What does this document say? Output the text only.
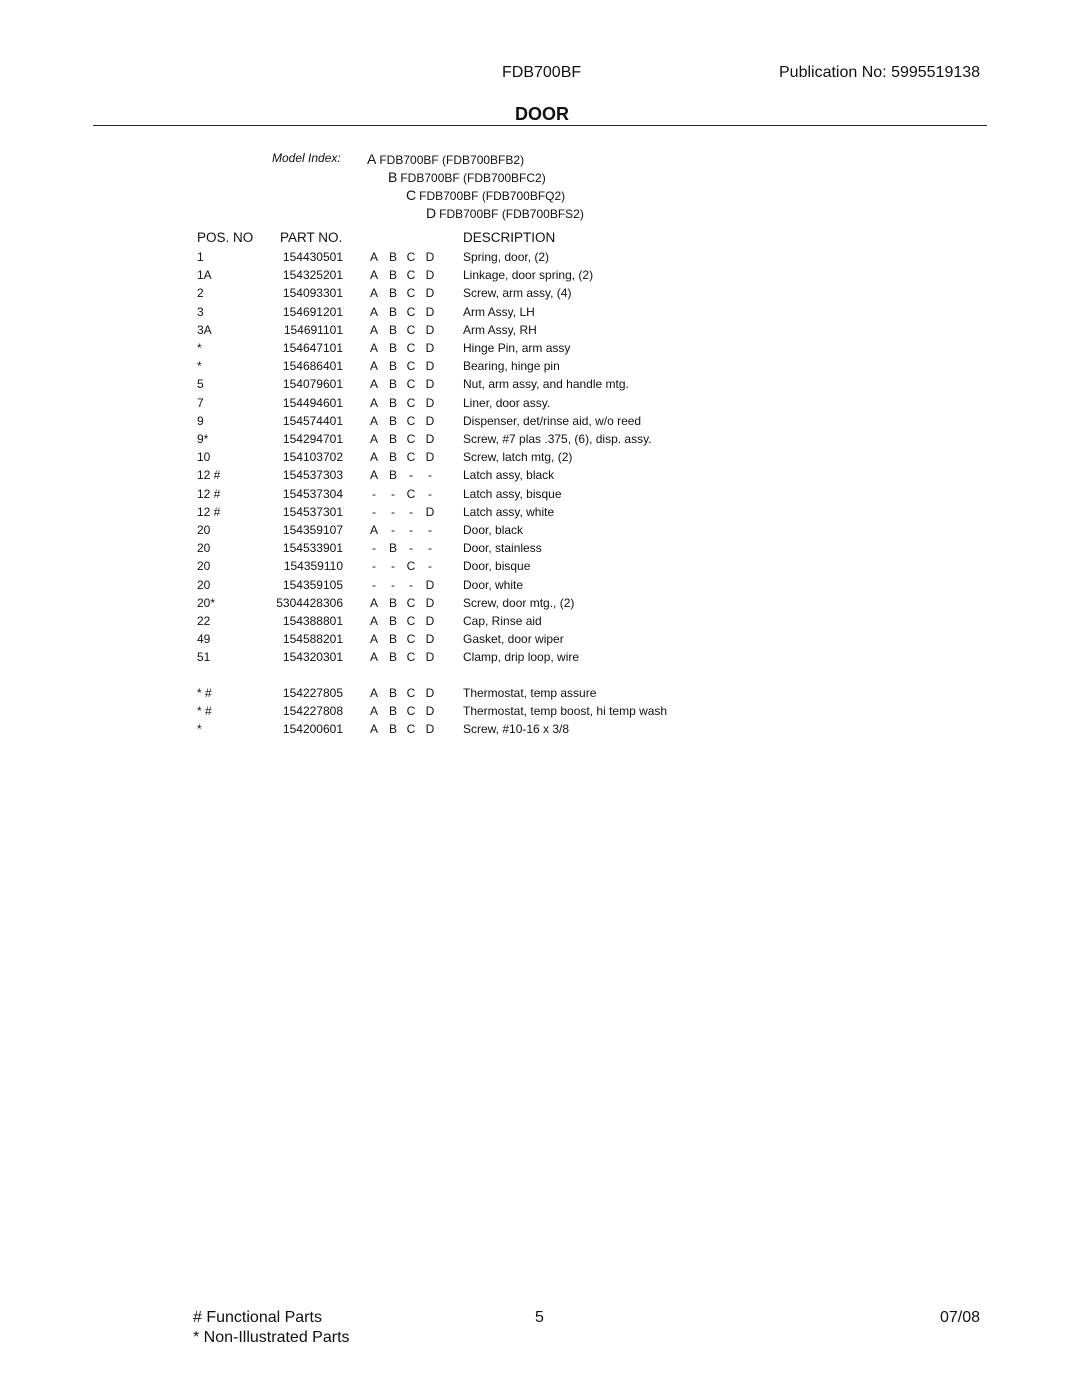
FDB700BF	Publication No: 5995519138
DOOR
Model Index: A FDB700BF (FDB700BFB2)
B FDB700BF (FDB700BFC2)
C FDB700BF (FDB700BFQ2)
D FDB700BF (FDB700BFS2)
POS. NO PART NO.	DESCRIPTION
1	154430501 A B C D Spring, door, (2)
1A	154325201 A B C D Linkage, door spring, (2)
2	154093301 A B C D Screw, arm assy, (4)
3	154691201 A B C D Arm Assy, LH
3A	154691101 A B C D Arm Assy, RH
*	154647101 A B C D Hinge Pin, arm assy
*	154686401 A B C D Bearing, hinge pin
5	154079601 A B C D Nut, arm assy, and handle mtg.
7	154494601 A B C D Liner, door assy.
9	154574401 A B C D Dispenser, det/rinse aid, w/o reed
9*	154294701 A B C D Screw, #7 plas .375, (6), disp. assy.
10	154103702 A B C D Screw, latch mtg, (2)
12 #	154537303 A B - -	Latch assy, black
12 #	154537304 - - C -	Latch assy, bisque
12 #	154537301 - - - D Latch assy, white
20	154359107 A - - -	Door, black
20	154533901 - B - -	Door, stainless
20	154359110 - - C -	Door, bisque
20	154359105 - - - D Door, white
20*	5304428306 A B C D Screw, door mtg., (2)
22	154388801 A B C D Cap, Rinse aid
49	154588201 A B C D Gasket, door wiper
51	154320301 A B C D Clamp, drip loop, wire
* #	154227805 A B C D Thermostat, temp assure
* #	154227808 A B C D Thermostat, temp boost, hi temp wash
*	154200601 A B C D Screw, #10-16 x 3/8
# Functional Parts	5	07/08
* Non-Illustrated Parts
